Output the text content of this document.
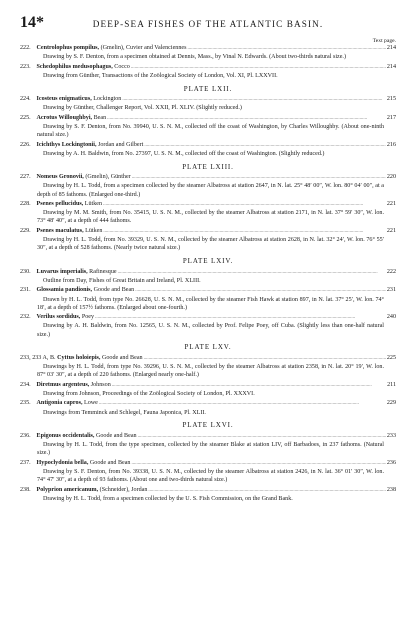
14*	DEEP-SEA FISHES OF THE ATLANTIC BASIN.
Text page.
222. Centrolophus pompilus, (Gmelin), Cuvier and Valenciennes .....	214
Drawing by S. F. Denton, from a specimen obtained at Dennis, Mass., by Vinal N. Edwards. (About two-thirds natural size.)
223. Schedophilus medusophagus, Cocco .....	214
Drawing from Günther, Transactions of the Zoölogical Society of London, Vol. XI, Pl. LXXVII.
PLATE LXII.
224. Icosteus enigmaticus, Lockington .....	215
Drawing by Günther, Challenger Report, Vol. XXII, Pl. XLIV. (Slightly reduced.)
225. Acrotus Willoughbyi, Bean .....	217
Drawing by S. F. Denton, from No. 39940, U. S. N. M., collected off the coast of Washington, by Charles Willoughby. (About one-ninth natural size.)
226. Icichthys Lockingtonii, Jordan and Gilbert .....	216
Drawing by A. H. Baldwin, from No. 27397, U. S. N. M., collected off the coast of Washington. (Slightly reduced.)
PLATE LXIII.
227. Nomeus Gronovii, (Gmelin), Günther .....	220
Drawing by H. L. Todd, from a specimen collected by the steamer Albatross at station 2647, in N. lat. 25° 48′ 00″, W. lon. 80° 04′ 00″, at a depth of 85 fathoms. (Enlarged one-third.)
228. Psenes pellucidus, Lütken .....	221
Drawing by M. M. Smith, from No. 35415, U. S. N. M., collected by the steamer Albatross at station 2171, in N. lat. 37° 59′ 30″, W. lon. 73° 48′ 40″, at a depth of 444 fathoms.
229. Psenes maculatus, Lütken .....	221
Drawing by H. L. Todd, from No. 39329, U. S. N. M., collected by the steamer Albatross at station 2628, in N. lat. 32° 24′, W. lon. 76° 55′ 30″, at a depth of 528 fathoms. (Nearly twice natural size.)
PLATE LXIV.
230. Luvarus imperialis, Rafinesque .....	222
Outline from Day, Fishes of Great Britain and Ireland, Pl. XLIII.
231. Glossamia pandionis, Goode and Bean .....	231
Drawn by H. L. Todd, from type No. 26628, U. S. N. M., collected by the steamer Fish Hawk at station 897, in N. lat. 37° 25′, W. lon. 74° 18′, at a depth of 157½ fathoms. (Enlarged about one-fourth.)
232. Verilus sordidus, Poey .....	240
Drawing by A. H. Baldwin, from No. 12565, U. S. N. M., collected by Prof. Felipe Poey, off Cuba. (Slightly less than one-half natural size.)
PLATE LXV.
233, 233 A, B. Cyttus holoiepis, Goode and Bean .....	225
Drawings by H. L. Todd, from type No. 39296, U. S. N. M., collected by the steamer Albatross at station 2358, in N. lat. 20° 19′, W. lon. 87° 03′ 30″, at a depth of 220 fathoms. (Enlarged nearly one-half.)
234. Diretmus argenteus, Johnson .....	211
Drawing from Johnson, Proceedings of the Zoölogical Society of London, Pl. XXXVI.
235. Antigonia capros, Lowe .....	229
Drawings from Temminck and Schlegel, Fauna Japonica, Pl. XLII.
PLATE LXVI.
236. Epigonus occidentalis, Goode and Bean .....	233
Drawing by H. L. Todd, from the type specimen, collected by the steamer Blake at station LIV, off Barbadoes, in 237 fathoms. (Natural size.)
237. Hypoclydonia bella, Goode and Bean .....	236
Drawing by S. F. Denton, from No. 39338, U. S. N. M., collected by the steamer Albatross at station 2426, in N. lat. 36° 01′ 30″, W. lon. 74° 47′ 30″, at a depth of 93 fathoms. (About one and two-thirds natural size.)
238. Polyprion americanum, (Schneider), Jordan .....	238
Drawing by H. L. Todd, from a specimen collected by the U. S. Fish Commission, on the Grand Bank.
